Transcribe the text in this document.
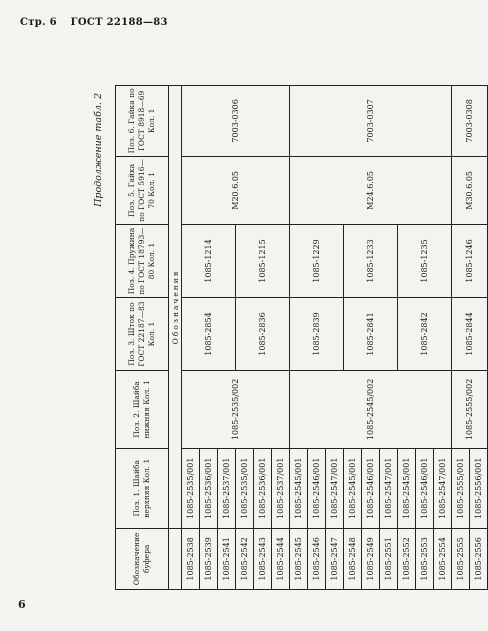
Стр. 6 ГОСТ 22188—83
Продолжение табл. 2
Обозначение буфера	Поз. 1. Шайба верхняя Кол. 1	Поз. 2. Шайба нижняя Кол. 1	Поз. 3. Шток по ГОСТ 22187—83 Кол. 1	Поз. 4. Пружина по ГОСТ 18793—80 Кол. 1	Поз. 5. Гайка по ГОСТ 5916—70 Кол. 1	Поз. 6. Гайка по ГОСТ 8918—69 Кол. 1
	Обозначения					
1085-2538	1085-2535/001	1085-2535/002	1085-2854	1085-1214	М20.6.05	7003-0306
1085-2539	1085-2536/001					
1085-2541	1085-2537/001					
1085-2542	1085-2535/001		1085-2836	1085-1215		
1085-2543	1085-2536/001					
1085-2544	1085-2537/001					
1085-2545	1085-2545/001	1085-2545/002	1085-2839	1085-1229	М24.6.05	7003-0307
1085-2546	1085-2546/001					
1085-2547	1085-2547/001					
1085-2548	1085-2545/001		1085-2841	1085-1233		
1085-2549	1085-2546/001					
1085-2551	1085-2547/001					
1085-2552	1085-2545/001		1085-2842	1085-1235		
1085-2553	1085-2546/001					
1085-2554	1085-2547/001					
1085-2555	1085-2555/001	1085-2555/002	1085-2844	1085-1246	М30.6.05	7003-0308
1085-2556	1085-2556/001					
6
